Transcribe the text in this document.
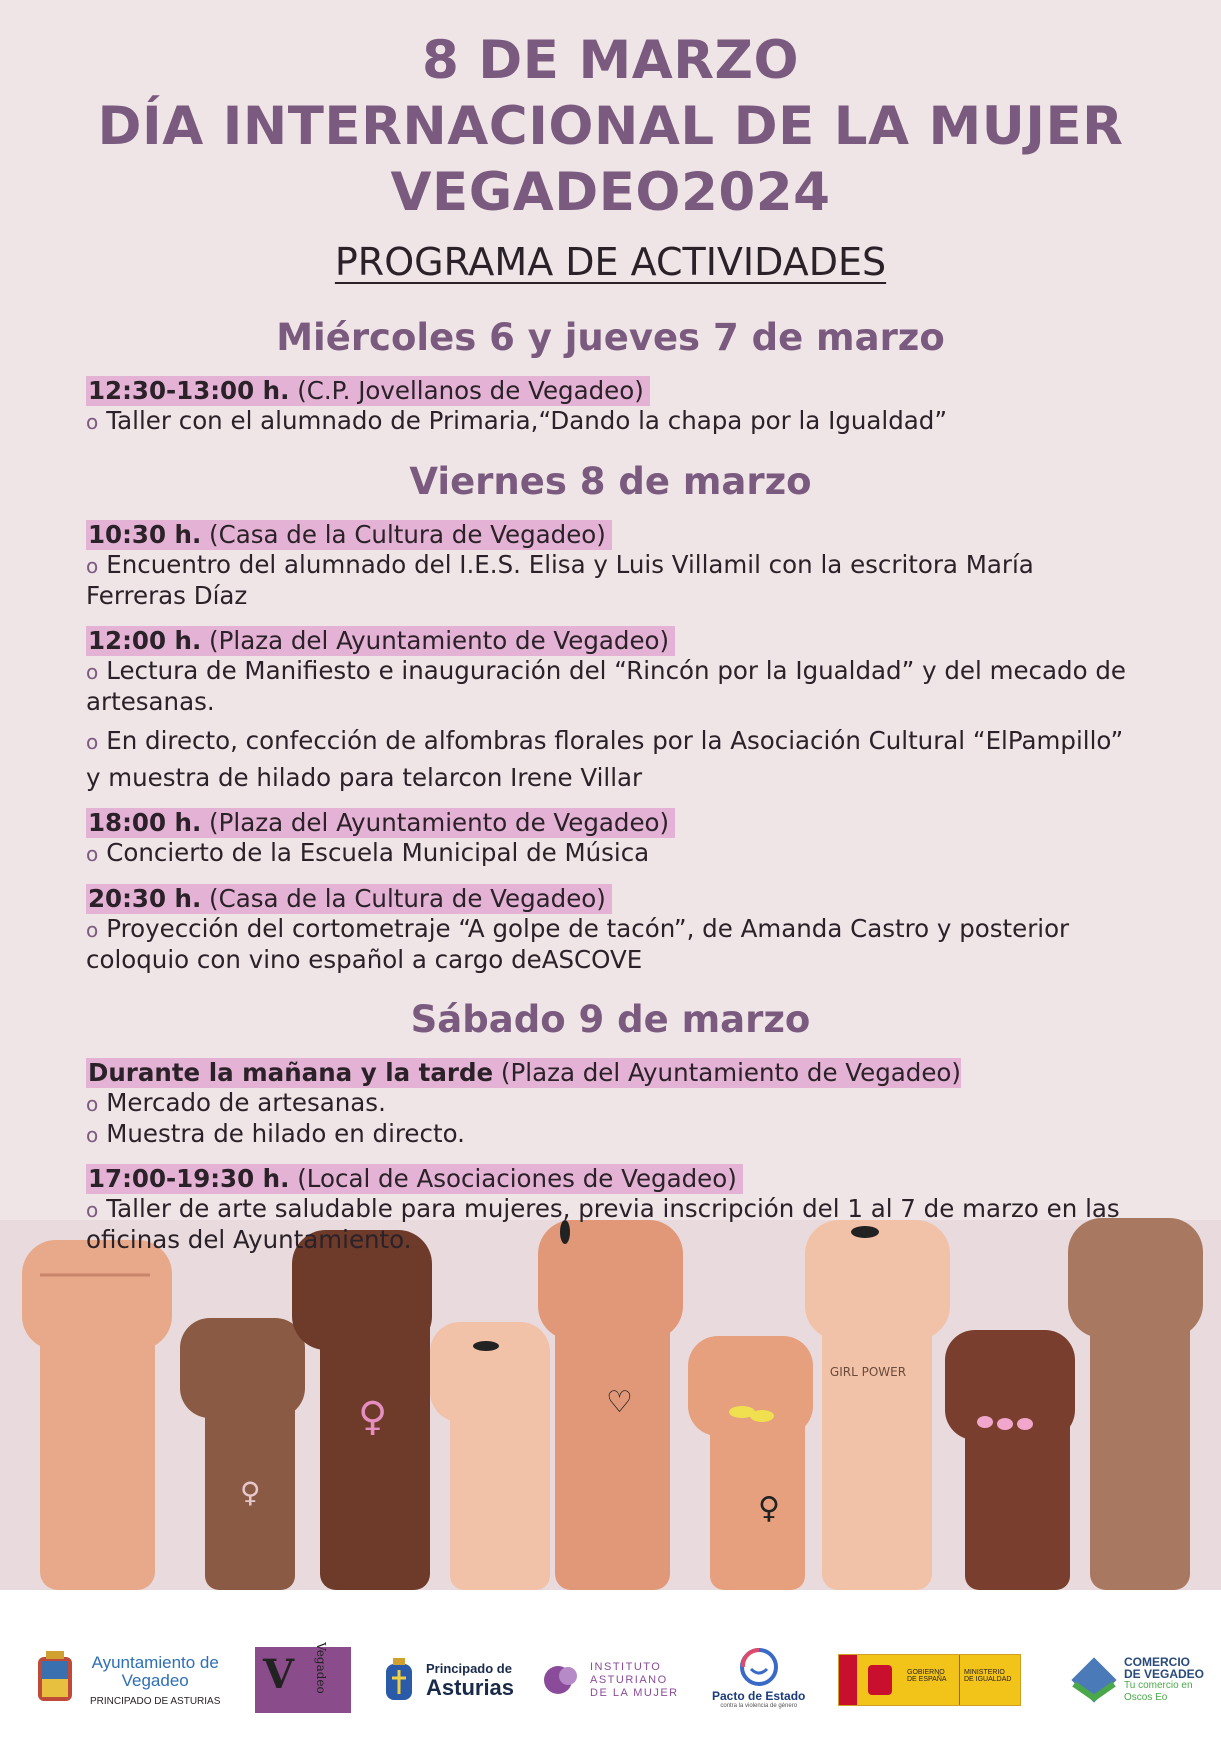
8 DE MARZO
DÍA INTERNACIONAL DE LA MUJER
VEGADEO2024
PROGRAMA DE ACTIVIDADES
Miércoles 6 y jueves 7 de marzo
12:30-13:00 h. (C.P. Jovellanos de Vegadeo)
o Taller con el alumnado de Primaria,“Dando la chapa por la Igualdad”
Viernes 8 de marzo
10:30 h. (Casa de la Cultura de Vegadeo)
o Encuentro del alumnado del I.E.S. Elisa y Luis Villamil con la escritora María Ferreras Díaz
12:00 h. (Plaza del Ayuntamiento de Vegadeo)
o Lectura de Manifiesto e inauguración del “Rincón por la Igualdad” y del mecado de artesanas.
o En directo, confección de alfombras florales por la Asociación Cultural “ElPampillo” y muestra de hilado para telarcon Irene Villar
18:00 h. (Plaza del Ayuntamiento de Vegadeo)
o Concierto de la Escuela Municipal de Música
20:30 h. (Casa de la Cultura de Vegadeo)
o Proyección del cortometraje “A golpe de tacón”, de Amanda Castro y posterior coloquio con vino español a cargo deASCOVE
Sábado 9 de marzo
Durante la mañana y la tarde (Plaza del Ayuntamiento de Vegadeo)
o Mercado de artesanas.
o Muestra de hilado en directo.
17:00-19:30 h. (Local de Asociaciones de Vegadeo)
o Taller de arte saludable para mujeres, previa inscripción del 1 al 7 de marzo en las oficinas del Ayuntamiento.
♀
♀	♡
♀
GIRL POWER
Ayuntamiento de
Vegadeo
PRINCIPADO DE ASTURIAS
V Vegadeo	Principado de
Asturias
INSTITUTO
ASTURIANO
DE LA MUJER	Pacto de Estado
contra la violencia de género
GOBIERNO DE ESPAÑA
MINISTERIO DE IGUALDAD
COMERCIO
DE VEGADEO
Tu comercio en
Oscos Eo
